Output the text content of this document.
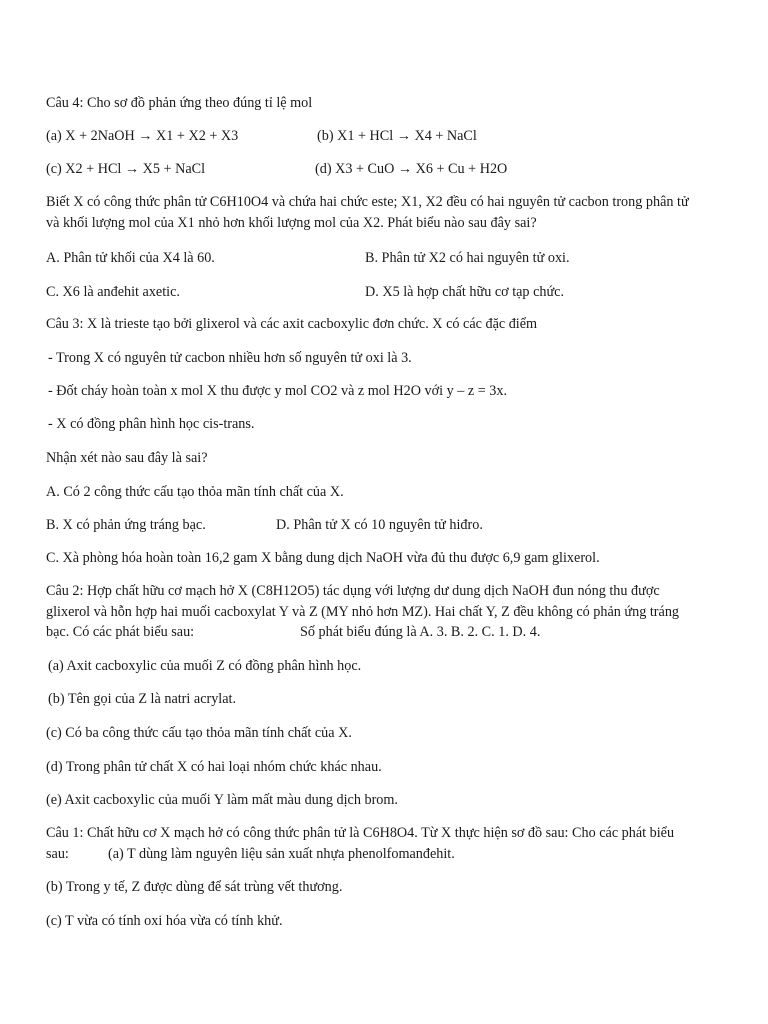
Câu 4: Cho sơ đồ phản ứng theo đúng tỉ lệ mol
(a) X + 2NaOH → X1 + X2 + X3	(b) X1 + HCl → X4 + NaCl
(c) X2 + HCl → X5 + NaCl	(d) X3 + CuO → X6 + Cu + H2O
Biết X có công thức phân tử C6H10O4 và chứa hai chức este; X1, X2 đều có hai nguyên tử cacbon trong phân tử
và khối lượng mol của X1 nhỏ hơn khối lượng mol của X2. Phát biểu nào sau đây sai?
A. Phân tử khối của X4 là 60.	B. Phân tử X2 có hai nguyên tử oxi.
C. X6 là anđehit axetic.	D. X5 là hợp chất hữu cơ tạp chức.
Câu 3: X là trieste tạo bởi glixerol và các axit cacboxylic đơn chức. X có các đặc điểm
- Trong X có nguyên tử cacbon nhiều hơn số nguyên tử oxi là 3.
- Đốt cháy hoàn toàn x mol X thu được y mol CO2 và z mol H2O với y – z = 3x.
- X có đồng phân hình học cis-trans.
Nhận xét nào sau đây là sai?
A. Có 2 công thức cấu tạo thỏa mãn tính chất của X.
B. X có phản ứng tráng bạc.	D. Phân tử X có 10 nguyên tử hiđro.
C. Xà phòng hóa hoàn toàn 16,2 gam X bằng dung dịch NaOH vừa đủ thu được 6,9 gam glixerol.
Câu 2: Hợp chất hữu cơ mạch hở X (C8H12O5) tác dụng với lượng dư dung dịch NaOH đun nóng thu được
glixerol và hỗn hợp hai muối cacboxylat Y và Z (MY nhỏ hơn MZ). Hai chất Y, Z đều không có phản ứng tráng
bạc. Có các phát biểu sau:	Số phát biểu đúng là A. 3. B. 2. C. 1. D. 4.
(a) Axit cacboxylic của muối Z có đồng phân hình học.
(b) Tên gọi của Z là natri acrylat.
(c) Có ba công thức cấu tạo thỏa mãn tính chất của X.
(d) Trong phân tử chất X có hai loại nhóm chức khác nhau.
(e) Axit cacboxylic của muối Y làm mất màu dung dịch brom.
Câu 1: Chất hữu cơ X mạch hở có công thức phân tử là C6H8O4. Từ X thực hiện sơ đồ sau: Cho các phát biểu
sau:	(a) T dùng làm nguyên liệu sản xuất nhựa phenolfomanđehit.
(b) Trong y tế, Z được dùng để sát trùng vết thương.
(c) T vừa có tính oxi hóa vừa có tính khử.
